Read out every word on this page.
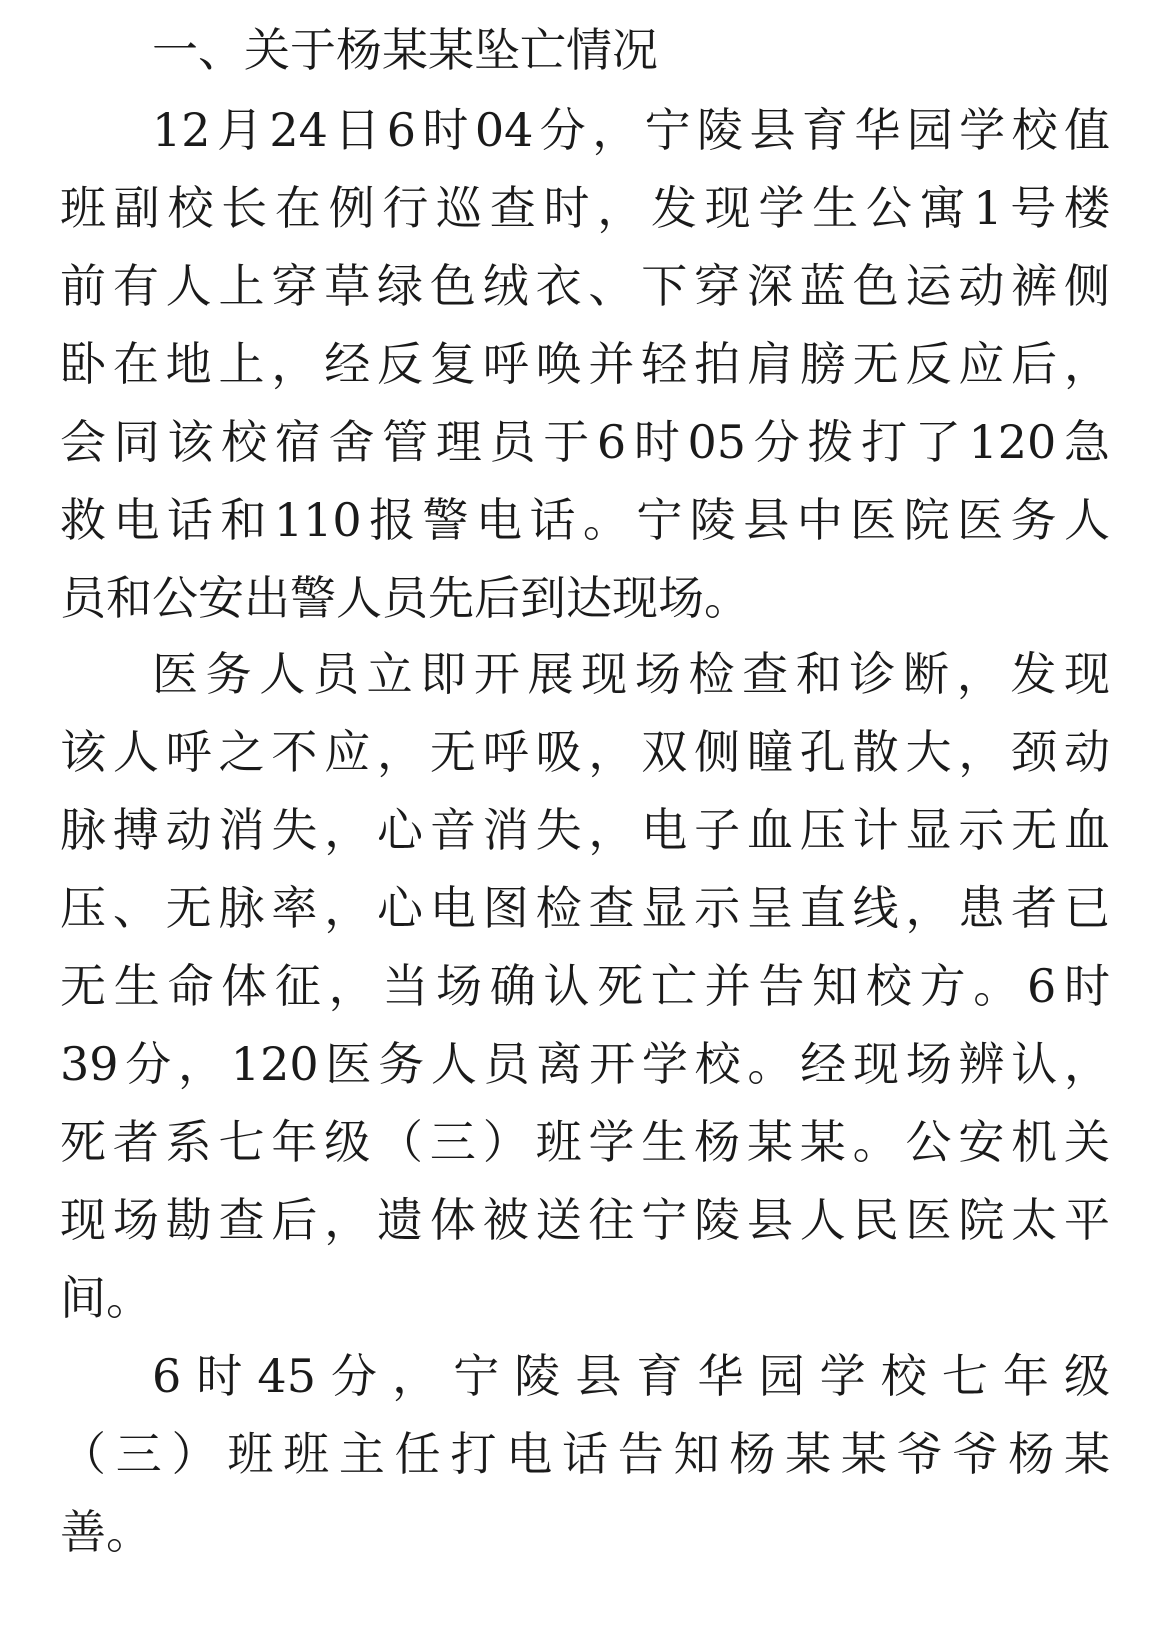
一、关于杨某某坠亡情况
12月24日6时04分，宁陵县育华园学校值
班副校长在例行巡查时，发现学生公寓1号楼
前有人上穿草绿色绒衣、下穿深蓝色运动裤侧
卧在地上，经反复呼唤并轻拍肩膀无反应后，
会同该校宿舍管理员于6时05分拨打了120急
救电话和110报警电话。宁陵县中医院医务人
员和公安出警人员先后到达现场。
医务人员立即开展现场检查和诊断，发现
该人呼之不应，无呼吸，双侧瞳孔散大，颈动
脉搏动消失，心音消失，电子血压计显示无血
压、无脉率，心电图检查显示呈直线，患者已
无生命体征，当场确认死亡并告知校方。6时
39分，120医务人员离开学校。经现场辨认，
死者系七年级（三）班学生杨某某。公安机关
现场勘查后，遗体被送往宁陵县人民医院太平
间。
6时45分，宁陵县育华园学校七年级
（三）班班主任打电话告知杨某某爷爷杨某
善。
